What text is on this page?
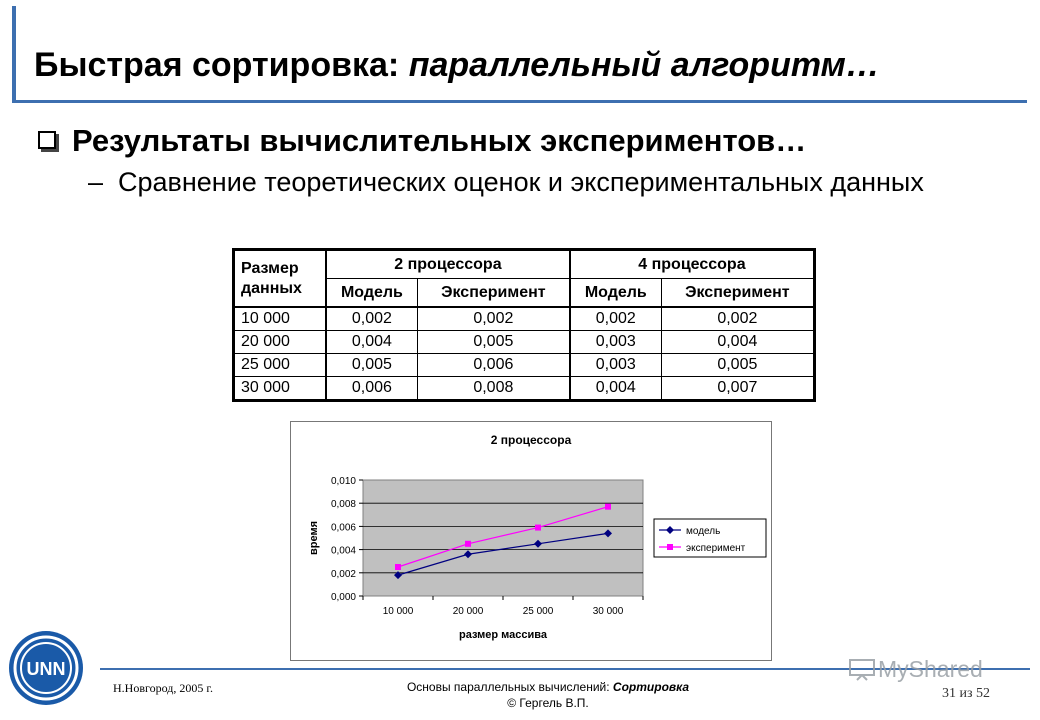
Быстрая сортировка: параллельный алгоритм…
Результаты вычислительных экспериментов…
– Сравнение теоретических оценок и экспериментальных данных
Размер данных	2 процессора		4 процессора	
	Модель	Эксперимент	Модель	Эксперимент
10 000	0,002	0,002	0,002	0,002
20 000	0,004	0,005	0,003	0,004
25 000	0,005	0,006	0,003	0,005
30 000	0,006	0,008	0,004	0,007
2 процессора
0,000
0,002
0,004
0,006
0,008
0,010
10 000	20 000	25 000	30 000
размер массива
время	модель
эксперимент
Н.Новгород, 2005 г.	Основы параллельных вычислений: Сортировка
© Гергель В.П.
31 из 52
MyShared
UNN
